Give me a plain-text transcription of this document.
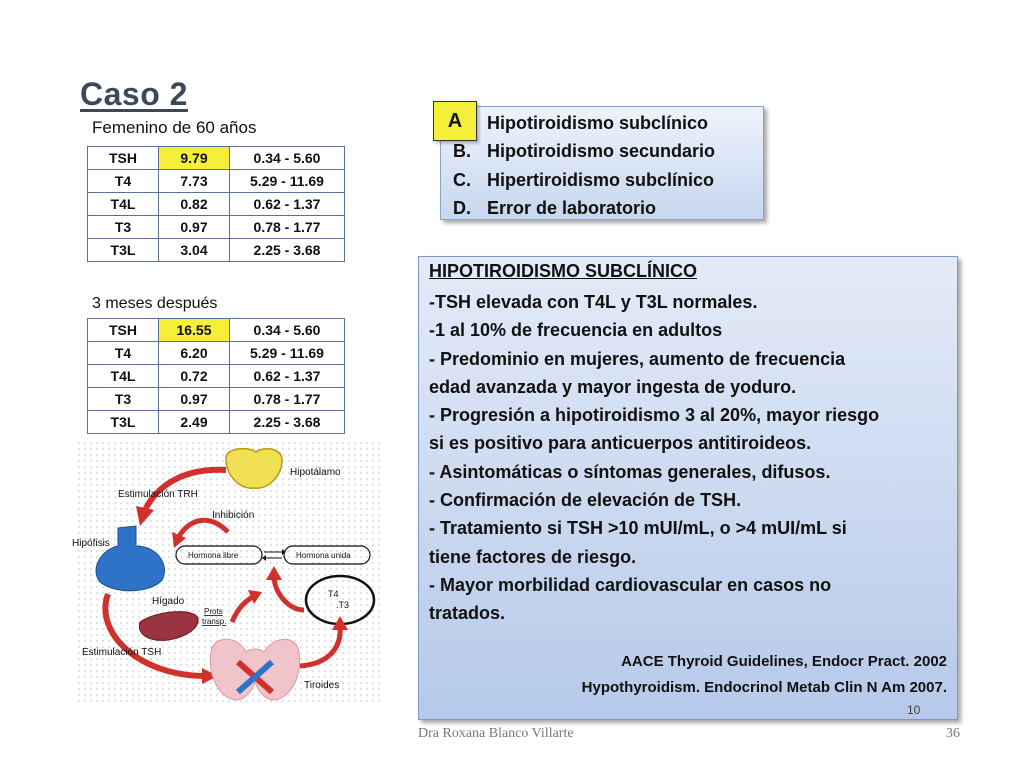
Caso 2
Femenino de 60 años
TSH	9.79	0.34 - 5.60
T4	7.73	5.29 - 11.69
T4L	0.82	0.62 - 1.37
T3	0.97	0.78 - 1.77
T3L	3.04	2.25 - 3.68
3 meses después
TSH	16.55	0.34 - 5.60
T4	6.20	5.29 - 11.69
T4L	0.72	0.62 - 1.37
T3	0.97	0.78 - 1.77
T3L	2.49	2.25 - 3.68
Hipotiroidismo subclínico
B. Hipotiroidismo secundario
C. Hipertiroidismo subclínico
D. Error de laboratorio
A
HIPOTIROIDISMO SUBCLÍNICO
-TSH elevada con T4L y T3L normales.
-1 al 10% de frecuencia en adultos
- Predominio en mujeres, aumento de frecuencia
edad avanzada y mayor ingesta de yoduro.
- Progresión a hipotiroidismo 3 al 20%, mayor riesgo
si es positivo para anticuerpos antitiroideos.
- Asintomáticas o síntomas generales, difusos.
- Confirmación de elevación de TSH.
- Tratamiento si TSH >10 mUI/mL, o >4 mUI/mL si
tiene factores de riesgo.
- Mayor morbilidad cardiovascular en casos no
tratados.
AACE Thyroid Guidelines, Endocr Pract. 2002
Hypothyroidism. Endocrinol Metab Clin N Am 2007.
10
Hipotálamo
Estimulación TRH
Inhibición
Hipófisis
Hormona libre	Hormona unida
T4
.T3
Hígado
Prots
transp.
Estimulación TSH
Tiroides
Dra Roxana Blanco Villarte	36
